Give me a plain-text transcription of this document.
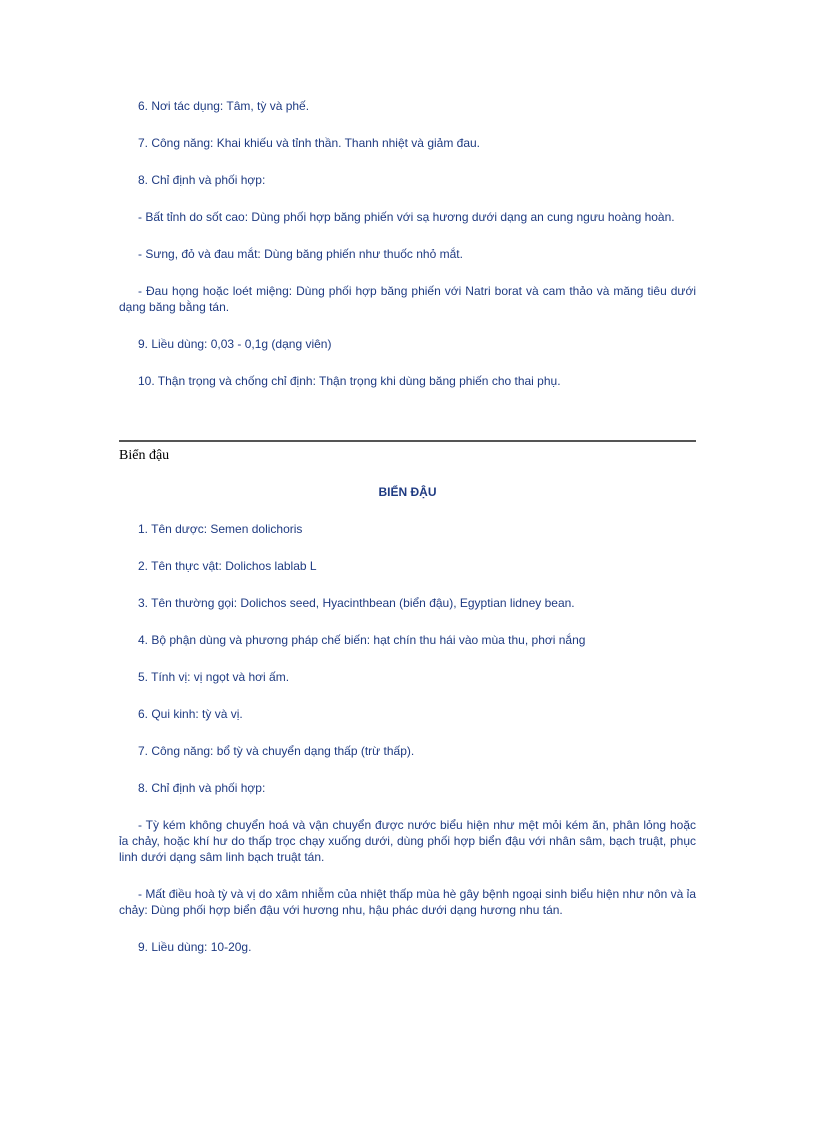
6. Nơi tác dụng: Tâm, tỳ và phế.

7. Công năng: Khai khiếu và tỉnh thần. Thanh nhiệt và giảm đau.

8. Chỉ định và phối hợp:

- Bất tỉnh do sốt cao: Dùng phối hợp băng phiến với sạ hương dưới dạng an cung ngưu hoàng hoàn.

- Sưng, đỏ và đau mắt: Dùng băng phiến như thuốc nhỏ mắt.

- Đau họng hoặc loét miệng: Dùng phối hợp băng phiến với Natri borat và cam thảo và măng tiêu dưới dạng băng bằng tán.

9. Liều dùng: 0,03 - 0,1g (dạng viên)

10. Thận trọng và chống chỉ định: Thận trọng khi dùng băng phiến cho thai phụ.

Biển đậu
BIỂN ĐẬU

1. Tên dược: Semen dolichoris

2. Tên thực vật: Dolichos lablab L

3. Tên thường gọi: Dolichos seed, Hyacinthbean (biển đậu), Egyptian lidney bean.

4. Bộ phận dùng và phương pháp chế biến: hạt chín thu hái vào mùa thu, phơi nắng

5. Tính vị: vị ngọt và hơi ấm.

6. Qui kinh: tỳ và vị.

7. Công năng: bổ tỳ và chuyển dạng thấp (trừ thấp).

8. Chỉ định và phối hợp:

- Tỳ kém không chuyển hoá và vận chuyển được nước biểu hiện như mệt mỏi kém ăn, phân lỏng hoặc ỉa chảy, hoặc khí hư do thấp trọc chạy xuống dưới, dùng phối hợp biển đậu với nhân sâm, bạch truật, phục linh dưới dạng sâm linh bạch truật tán.

- Mất điều hoà tỳ và vị do xâm nhiễm của nhiệt thấp mùa hè gây bệnh ngoại sinh biểu hiện như nôn và ỉa chảy: Dùng phối hợp biển đậu với hương nhu, hậu phác dưới dạng hương nhu tán.

9. Liều dùng: 10-20g.
